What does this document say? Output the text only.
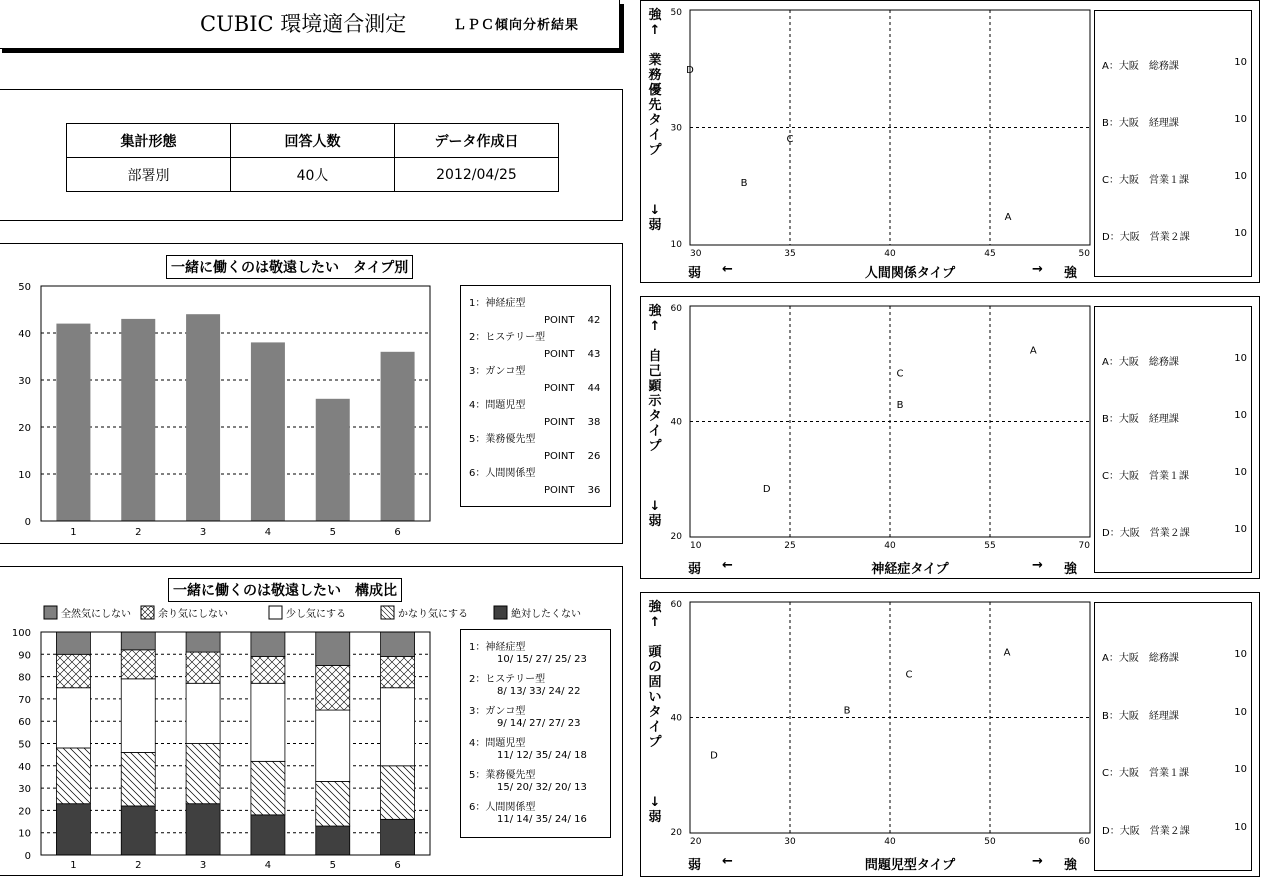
CUBIC 環境適合測定	ＬＰＣ傾向分析結果
集計形態	回答人数	データ作成日
部署別	40人	2012/04/25
一緒に働くのは敬遠したい　タイプ別
0
10
20
30
40
50
1	2	3	4	5	6
1：神経症型
POINT　 42
2：ヒステリー型
POINT　 43
3：ガンコ型
POINT　 44
4：問題児型
POINT　 38
5：業務優先型
POINT　 26
6：人間関係型
POINT　 36
一緒に働くのは敬遠したい　構成比
全然気にしない	余り気にしない	少し気にする	かなり気にする	絶対したくない
0
10
20
30
40
50
60
70
80
90
100
1	2	3	4	5	6
1：神経症型
10/ 15/ 27/ 25/ 23
2：ヒステリー型
8/ 13/ 33/ 24/ 22
3：ガンコ型
9/ 14/ 27/ 27/ 23
4：問題児型
11/ 12/ 35/ 24/ 18
5：業務優先型
15/ 20/ 32/ 20/ 13
6：人間関係型
11/ 14/ 35/ 24/ 16
強
↑

業
務
優
先
タ
イ
プ

↓
弱
弱 ←	人間関係タイプ	→ 強
30	35	40	45	50
10
30
50
A
B
C
D	A：大阪　総務課	10
B：大阪　経理課	10
C：大阪　営業１課	10
D：大阪　営業２課	10
強
↑

自
己
顕
示
タ
イ
プ

↓
弱
弱 ←	神経症タイプ	→ 強
10	25	40	55	70
20
40
60
A
B
C
D
A：大阪　総務課	10
B：大阪　経理課	10
C：大阪　営業１課	10
D：大阪　営業２課	10
強
↑

頭
の
固
い
タ
イ
プ

↓
弱
弱 ←	問題児型タイプ	→ 強
20	30	40	50	60
20
40
60
A
B
C
D
A：大阪　総務課	10
B：大阪　経理課	10
C：大阪　営業１課	10
D：大阪　営業２課	10
